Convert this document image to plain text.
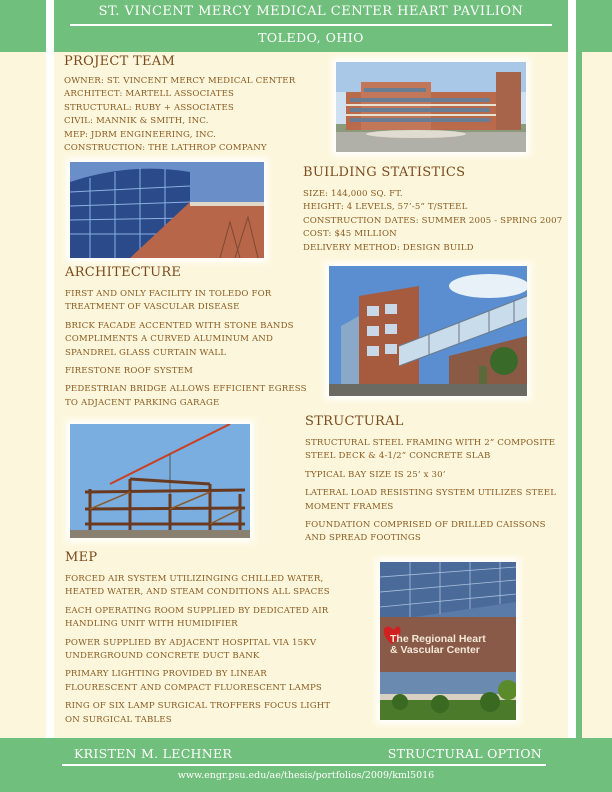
ST. VINCENT MERCY MEDICAL CENTER HEART PAVILION
TOLEDO, OHIO
PROJECT TEAM
OWNER: ST. VINCENT MERCY MEDICAL CENTER
ARCHITECT: MARTELL ASSOCIATES
STRUCTURAL: RUBY + ASSOCIATES
CIVIL: MANNIK & SMITH, INC.
MEP: JDRM ENGINEERING, INC.
CONSTRUCTION: THE LATHROP COMPANY
BUILDING STATISTICS
SIZE: 144,000 SQ. FT.
HEIGHT: 4 LEVELS, 57’-5” T/STEEL
CONSTRUCTION DATES: SUMMER 2005 - SPRING 2007
COST: $45 MILLION
DELIVERY METHOD: DESIGN BUILD
ARCHITECTURE

FIRST AND ONLY FACILITY IN TOLEDO FOR
TREATMENT OF VASCULAR DISEASE

BRICK FACADE ACCENTED WITH STONE BANDS
COMPLIMENTS A CURVED ALUMINUM AND
SPANDREL GLASS CURTAIN WALL

FIRESTONE ROOF SYSTEM

PEDESTRIAN BRIDGE ALLOWS EFFICIENT EGRESS
TO ADJACENT PARKING GARAGE

STRUCTURAL

STRUCTURAL STEEL FRAMING WITH 2” COMPOSITE
STEEL DECK & 4-1/2” CONCRETE SLAB

TYPICAL BAY SIZE IS 25’ x 30’

LATERAL LOAD RESISTING SYSTEM UTILIZES STEEL
MOMENT FRAMES

FOUNDATION COMPRISED OF DRILLED CAISSONS
AND SPREAD FOOTINGS

MEP

FORCED AIR SYSTEM UTILIZINGING CHILLED WATER,
HEATED WATER, AND STEAM CONDITIONS ALL SPACES

EACH OPERATING ROOM SUPPLIED BY DEDICATED AIR
HANDLING UNIT WITH HUMIDIFIER

POWER SUPPLIED BY ADJACENT HOSPITAL VIA 15KV
UNDERGROUND CONCRETE DUCT BANK

PRIMARY LIGHTING PROVIDED BY LINEAR
FLOURESCENT AND COMPACT FLUORESCENT LAMPS

RING OF SIX LAMP SURGICAL TROFFERS FOCUS LIGHT
ON SURGICAL TABLES

The Regional Heart
& Vascular Center
KRISTEN M. LECHNER	STRUCTURAL OPTION
www.engr.psu.edu/ae/thesis/portfolios/2009/kml5016
